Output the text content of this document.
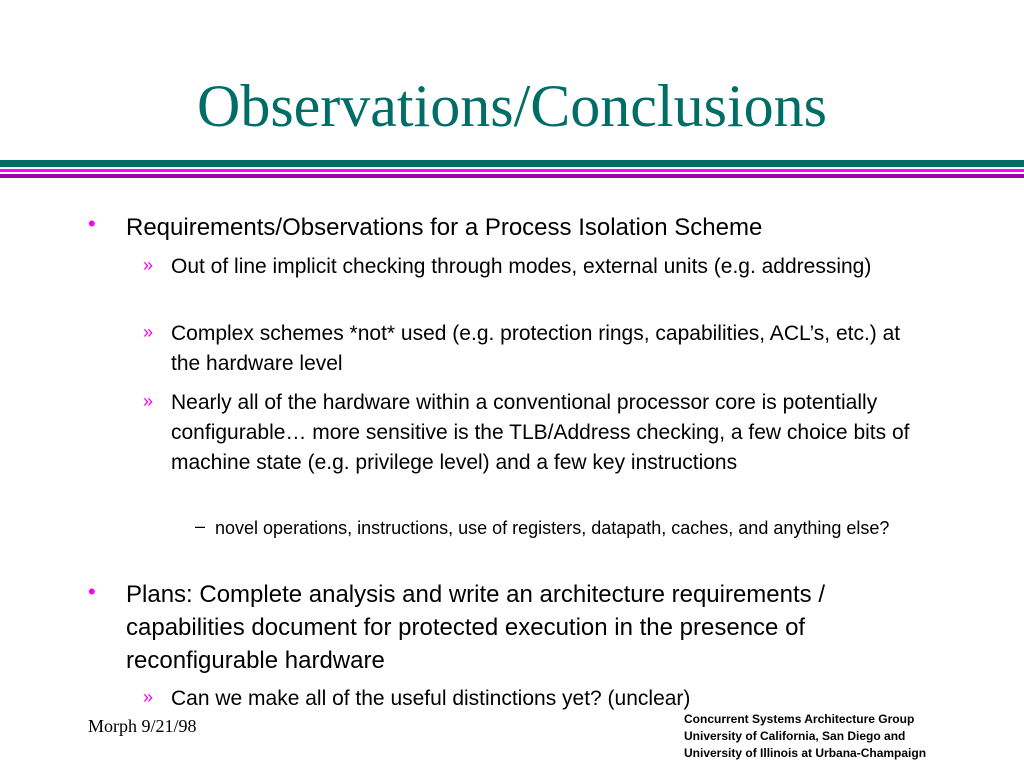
Observations/Conclusions
• Requirements/Observations for a Process Isolation Scheme
» Out of line implicit checking through modes, external units (e.g. addressing)
» Complex schemes *not* used (e.g. protection rings, capabilities, ACL’s, etc.) at the hardware level
» Nearly all of the hardware within a conventional processor core is potentially configurable… more sensitive is the TLB/Address checking, a few choice bits of machine state (e.g. privilege level) and a few key instructions
– novel operations, instructions, use of registers, datapath, caches, and anything else?
• Plans: Complete analysis and write an architecture requirements / capabilities document for protected execution in the presence of reconfigurable hardware
» Can we make all of the useful distinctions yet? (unclear)
Morph 9/21/98	Concurrent Systems Architecture Group
University of California, San Diego and
University of Illinois at Urbana-Champaign
